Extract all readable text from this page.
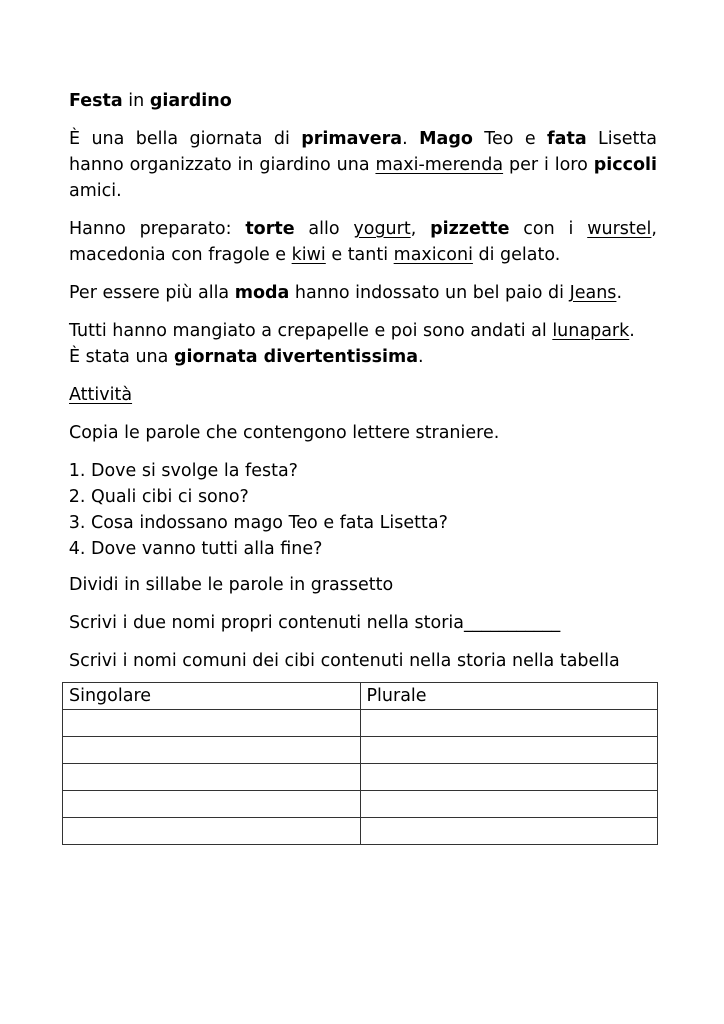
Festa in giardino

È una bella giornata di primavera. Mago Teo e fata Lisetta hanno organizzato in giardino una maxi-merenda per i loro piccoli amici.

Hanno preparato: torte allo yogurt, pizzette con i wurstel, macedonia con fragole e kiwi e tanti maxiconi di gelato.

Per essere più alla moda hanno indossato un bel paio di Jeans.

Tutti hanno mangiato a crepapelle e poi sono andati al lunapark.
È stata una giornata divertentissima.

Attività

Copia le parole che contengono lettere straniere.

1. Dove si svolge la festa?
2. Quali cibi ci sono?
3. Cosa indossano mago Teo e fata Lisetta?
4. Dove vanno tutti alla fine?

Dividi in sillabe le parole in grassetto

Scrivi i due nomi propri contenuti nella storia___________

Scrivi i nomi comuni dei cibi contenuti nella storia nella tabella

Singolare	Plurale
